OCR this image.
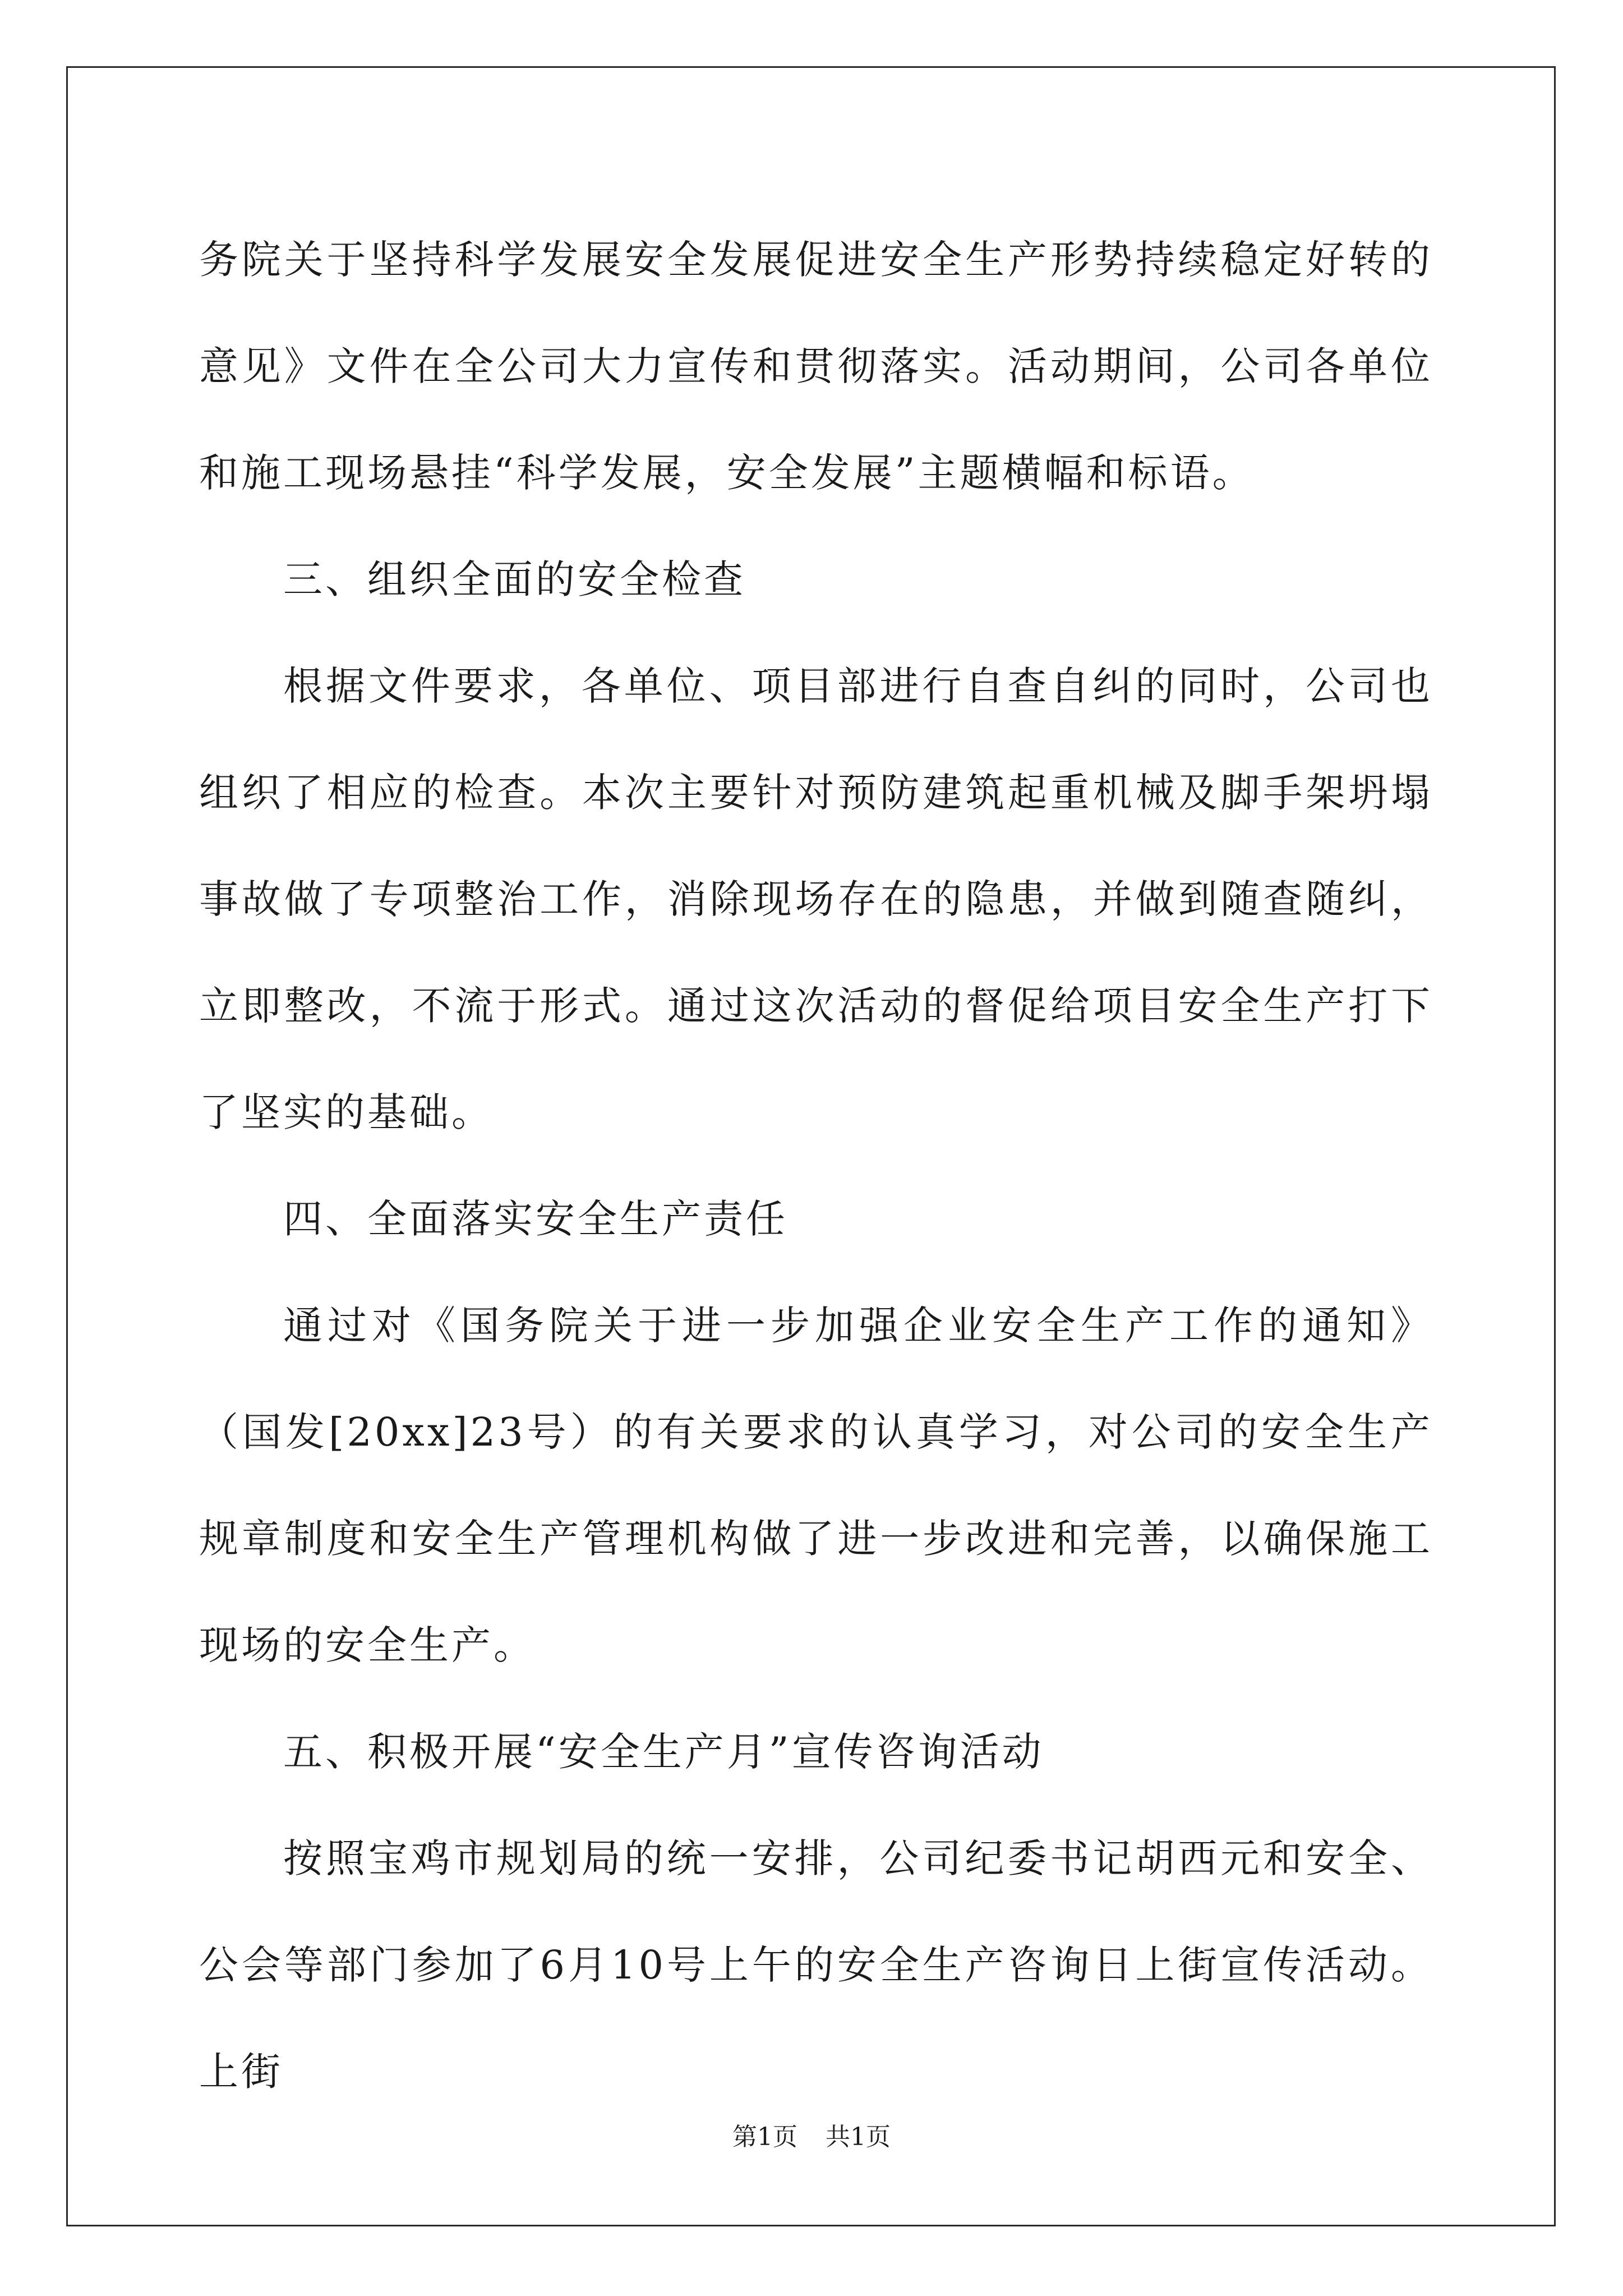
务院关于坚持科学发展安全发展促进安全生产形势持续稳定好转的意见》文件在全公司大力宣传和贯彻落实。活动期间，公司各单位和施工现场悬挂“科学发展，安全发展”主题横幅和标语。

三、组织全面的安全检查

根据文件要求，各单位、项目部进行自查自纠的同时，公司也组织了相应的检查。本次主要针对预防建筑起重机械及脚手架坍塌事故做了专项整治工作，消除现场存在的隐患，并做到随查随纠，立即整改，不流于形式。通过这次活动的督促给项目安全生产打下了坚实的基础。

四、全面落实安全生产责任

通过对《国务院关于进一步加强企业安全生产工作的通知》（国发[20xx]23号）的有关要求的认真学习，对公司的安全生产规章制度和安全生产管理机构做了进一步改进和完善，以确保施工现场的安全生产。

五、积极开展“安全生产月”宣传咨询活动

按照宝鸡市规划局的统一安排，公司纪委书记胡西元和安全、公会等部门参加了6月10号上午的安全生产咨询日上街宣传活动。上街

第1页 共1页
